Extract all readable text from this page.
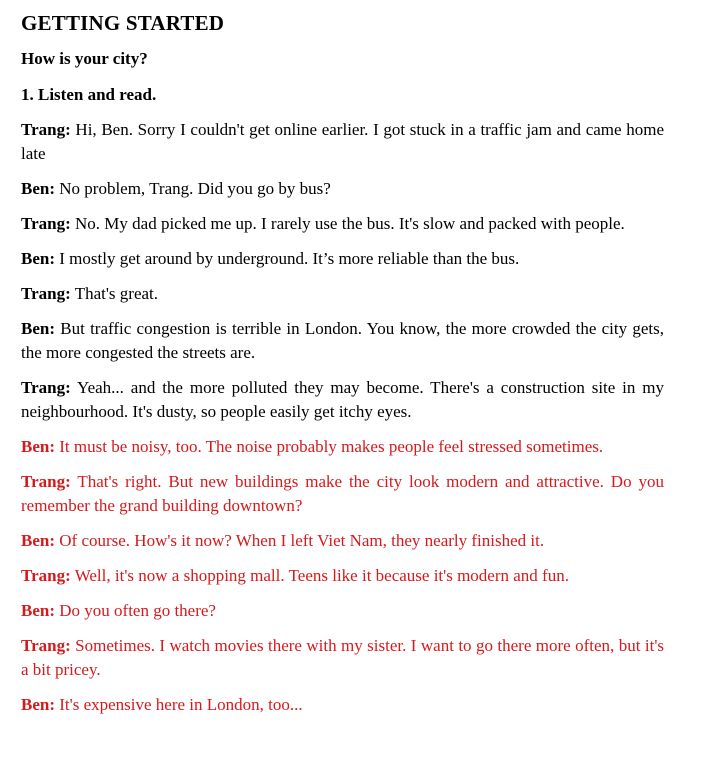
GETTING STARTED

How is your city?

1. Listen and read.

Trang: Hi, Ben. Sorry I couldn't get online earlier. I got stuck in a traffic jam and came home late

Ben: No problem, Trang. Did you go by bus?

Trang: No. My dad picked me up. I rarely use the bus. It's slow and packed with people.

Ben: I mostly get around by underground. It’s more reliable than the bus.

Trang: That's great.

Ben: But traffic congestion is terrible in London. You know, the more crowded the city gets, the more congested the streets are.

Trang: Yeah... and the more polluted they may become. There's a construction site in my neighbourhood. It's dusty, so people easily get itchy eyes.

Ben: It must be noisy, too. The noise probably makes people feel stressed sometimes.

Trang: That's right. But new buildings make the city look modern and attractive. Do you remember the grand building downtown?

Ben: Of course. How's it now? When I left Viet Nam, they nearly finished it.

Trang: Well, it's now a shopping mall. Teens like it because it's modern and fun.

Ben: Do you often go there?

Trang: Sometimes. I watch movies there with my sister. I want to go there more often, but it's a bit pricey.

Ben: It's expensive here in London, too...
